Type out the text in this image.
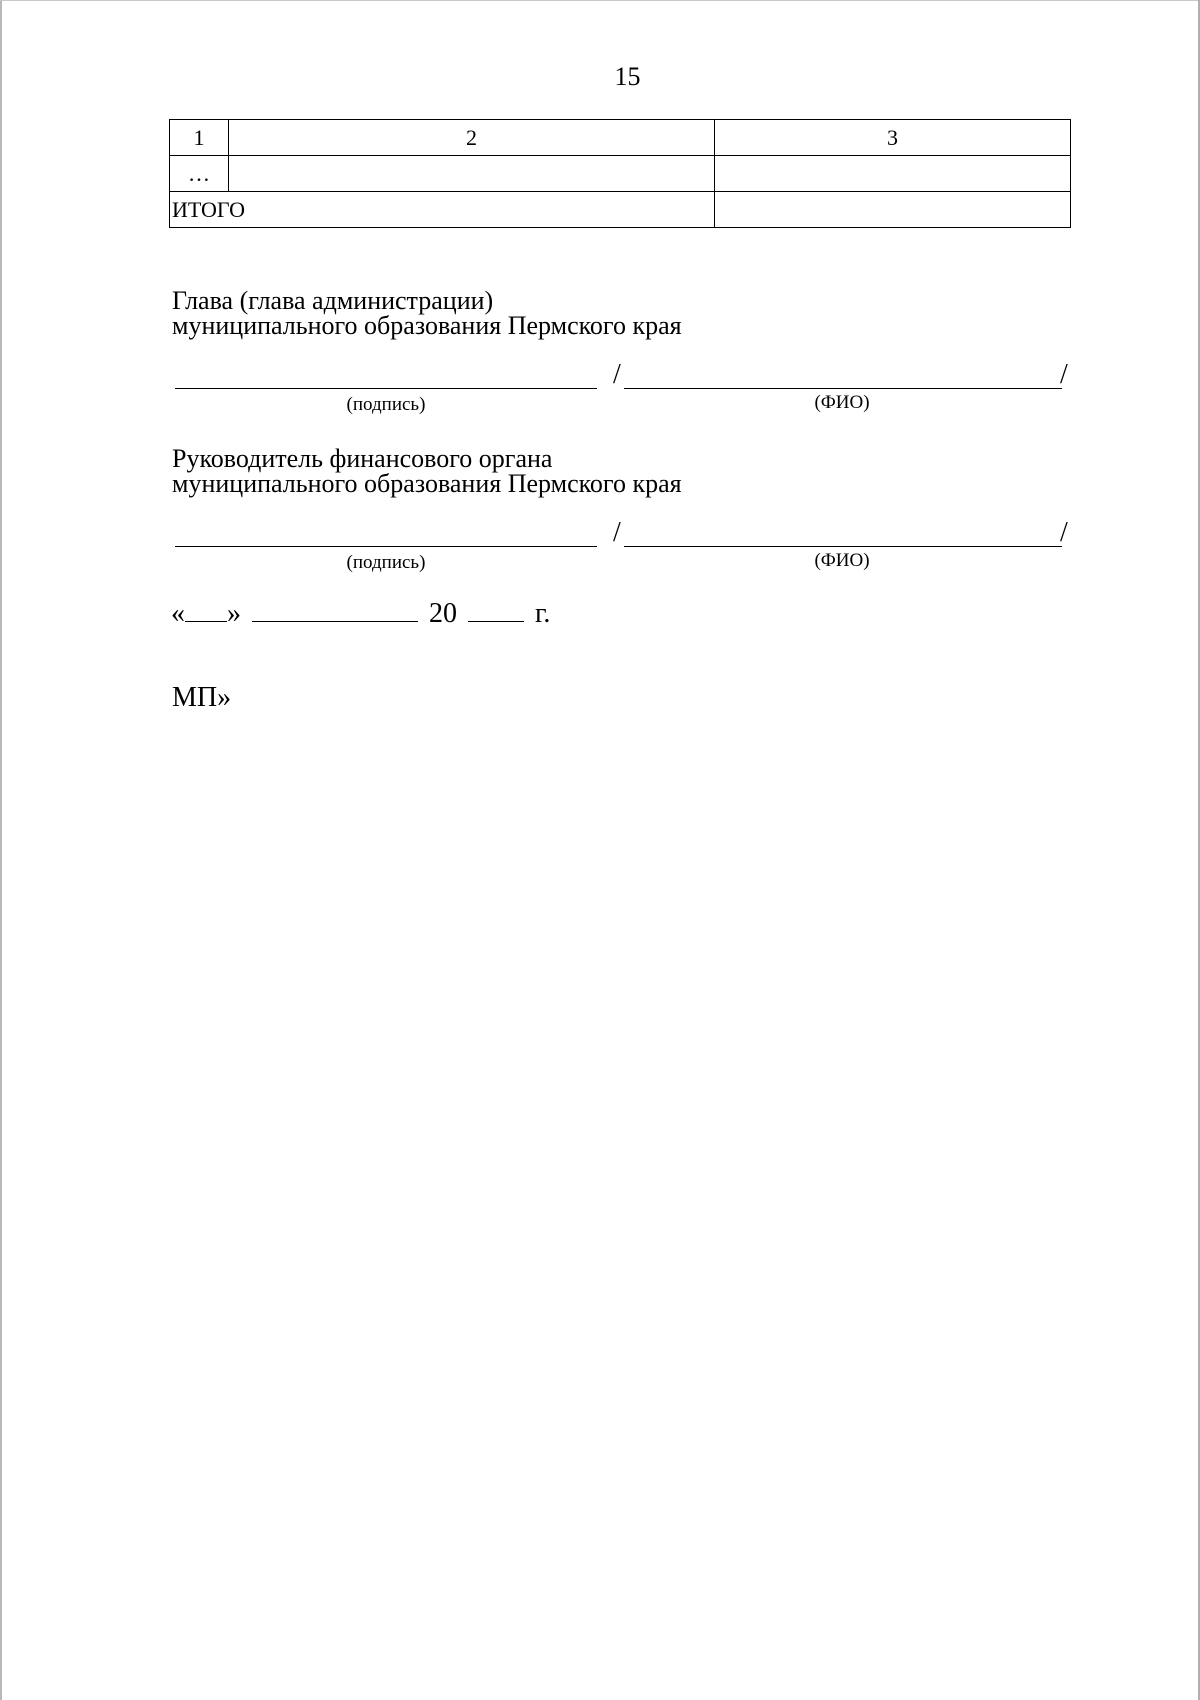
15
1	2	3
…		
ИТОГО		
Глава (глава администрации)
муниципального образования Пермского края
/	/
(подпись)	(ФИО)
Руководитель финансового органа
муниципального образования Пермского края
/	/
(подпись)	(ФИО)
« »	20	г.
МП»
